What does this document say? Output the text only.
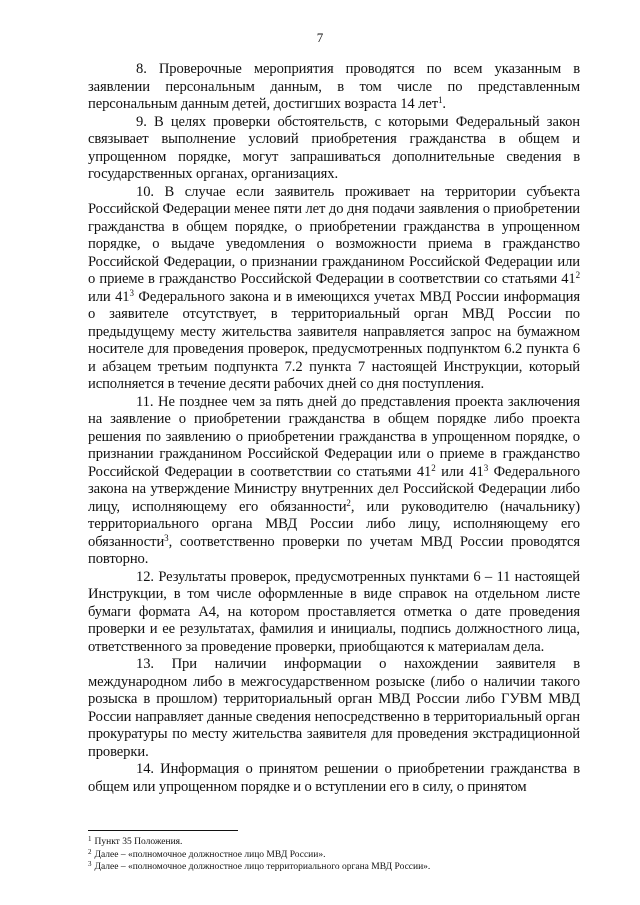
7

8. Проверочные мероприятия проводятся по всем указанным в заявлении персональным данным, в том числе по представленным персональным данным детей, достигших возраста 14 лет$^1$.

9. В целях проверки обстоятельств, с которыми Федеральный закон связывает выполнение условий приобретения гражданства в общем и упрощенном порядке, могут запрашиваться дополнительные сведения в государственных органах, организациях.

10. В случае если заявитель проживает на территории субъекта Российской Федерации менее пяти лет до дня подачи заявления о приобретении гражданства в общем порядке, о приобретении гражданства в упрощенном порядке, о выдаче уведомления о возможности приема в гражданство Российской Федерации, о признании гражданином Российской Федерации или о приеме в гражданство Российской Федерации в соответствии со статьями $41^2$ или $41^3$ Федерального закона и в имеющихся учетах МВД России информация о заявителе отсутствует, в территориальный орган МВД России по предыдущему месту жительства заявителя направляется запрос на бумажном носителе для проведения проверок, предусмотренных подпунктом 6.2 пункта 6 и абзацем третьим подпункта 7.2 пункта 7 настоящей Инструкции, который исполняется в течение десяти рабочих дней со дня поступления.

11. Не позднее чем за пять дней до представления проекта заключения на заявление о приобретении гражданства в общем порядке либо проекта решения по заявлению о приобретении гражданства в упрощенном порядке, о признании гражданином Российской Федерации или о приеме в гражданство Российской Федерации в соответствии со статьями $41^2$ или $41^3$ Федерального закона на утверждение Министру внутренних дел Российской Федерации либо лицу, исполняющему его обязанности$^2$, или руководителю (начальнику) территориального органа МВД России либо лицу, исполняющему его обязанности$^3$, соответственно проверки по учетам МВД России проводятся повторно.

12. Результаты проверок, предусмотренных пунктами 6 – 11 настоящей Инструкции, в том числе оформленные в виде справок на отдельном листе бумаги формата А4, на котором проставляется отметка о дате проведения проверки и ее результатах, фамилия и инициалы, подпись должностного лица, ответственного за проведение проверки, приобщаются к материалам дела.

13. При наличии информации о нахождении заявителя в международном либо в межгосударственном розыске (либо о наличии такого розыска в прошлом) территориальный орган МВД России либо ГУВМ МВД России направляет данные сведения непосредственно в территориальный орган прокуратуры по месту жительства заявителя для проведения экстрадиционной проверки.

14. Информация о принятом решении о приобретении гражданства в общем или упрощенном порядке и о вступлении его в силу, о принятом

$^1$ Пункт 35 Положения.

$^2$ Далее – «полномочное должностное лицо МВД России».

$^3$ Далее – «полномочное должностное лицо территориального органа МВД России».
